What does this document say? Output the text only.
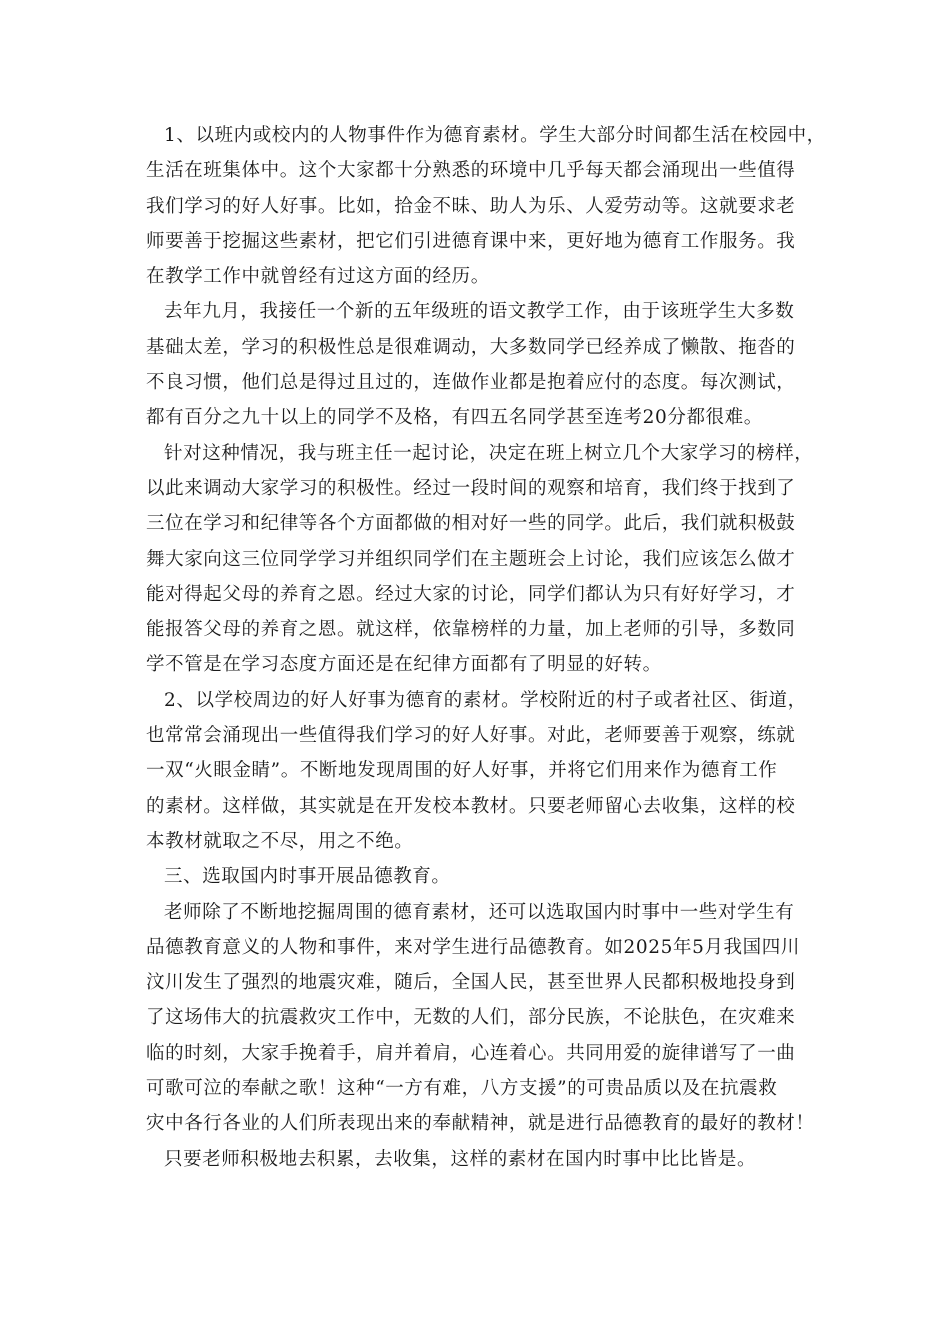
1、以班内或校内的人物事件作为德育素材。学生大部分时间都生活在校园中，
生活在班集体中。这个大家都十分熟悉的环境中几乎每天都会涌现出一些值得
我们学习的好人好事。比如，拾金不昧、助人为乐、人爱劳动等。这就要求老
师要善于挖掘这些素材，把它们引进德育课中来，更好地为德育工作服务。我
在教学工作中就曾经有过这方面的经历。
去年九月，我接任一个新的五年级班的语文教学工作，由于该班学生大多数
基础太差，学习的积极性总是很难调动，大多数同学已经养成了懒散、拖沓的
不良习惯，他们总是得过且过的，连做作业都是抱着应付的态度。每次测试，
都有百分之九十以上的同学不及格，有四五名同学甚至连考20分都很难。
针对这种情况，我与班主任一起讨论，决定在班上树立几个大家学习的榜样，
以此来调动大家学习的积极性。经过一段时间的观察和培育，我们终于找到了
三位在学习和纪律等各个方面都做的相对好一些的同学。此后，我们就积极鼓
舞大家向这三位同学学习并组织同学们在主题班会上讨论，我们应该怎么做才
能对得起父母的养育之恩。经过大家的讨论，同学们都认为只有好好学习，才
能报答父母的养育之恩。就这样，依靠榜样的力量，加上老师的引导，多数同
学不管是在学习态度方面还是在纪律方面都有了明显的好转。
2、以学校周边的好人好事为德育的素材。学校附近的村子或者社区、街道，
也常常会涌现出一些值得我们学习的好人好事。对此，老师要善于观察，练就
一双“火眼金睛”。不断地发现周围的好人好事，并将它们用来作为德育工作
的素材。这样做，其实就是在开发校本教材。只要老师留心去收集，这样的校
本教材就取之不尽，用之不绝。
三、选取国内时事开展品德教育。
老师除了不断地挖掘周围的德育素材，还可以选取国内时事中一些对学生有
品德教育意义的人物和事件，来对学生进行品德教育。如2025年5月我国四川
汶川发生了强烈的地震灾难，随后，全国人民，甚至世界人民都积极地投身到
了这场伟大的抗震救灾工作中，无数的人们，部分民族，不论肤色，在灾难来
临的时刻，大家手挽着手，肩并着肩，心连着心。共同用爱的旋律谱写了一曲
可歌可泣的奉献之歌！这种“一方有难，八方支援”的可贵品质以及在抗震救
灾中各行各业的人们所表现出来的奉献精神，就是进行品德教育的最好的教材！
只要老师积极地去积累，去收集，这样的素材在国内时事中比比皆是。
